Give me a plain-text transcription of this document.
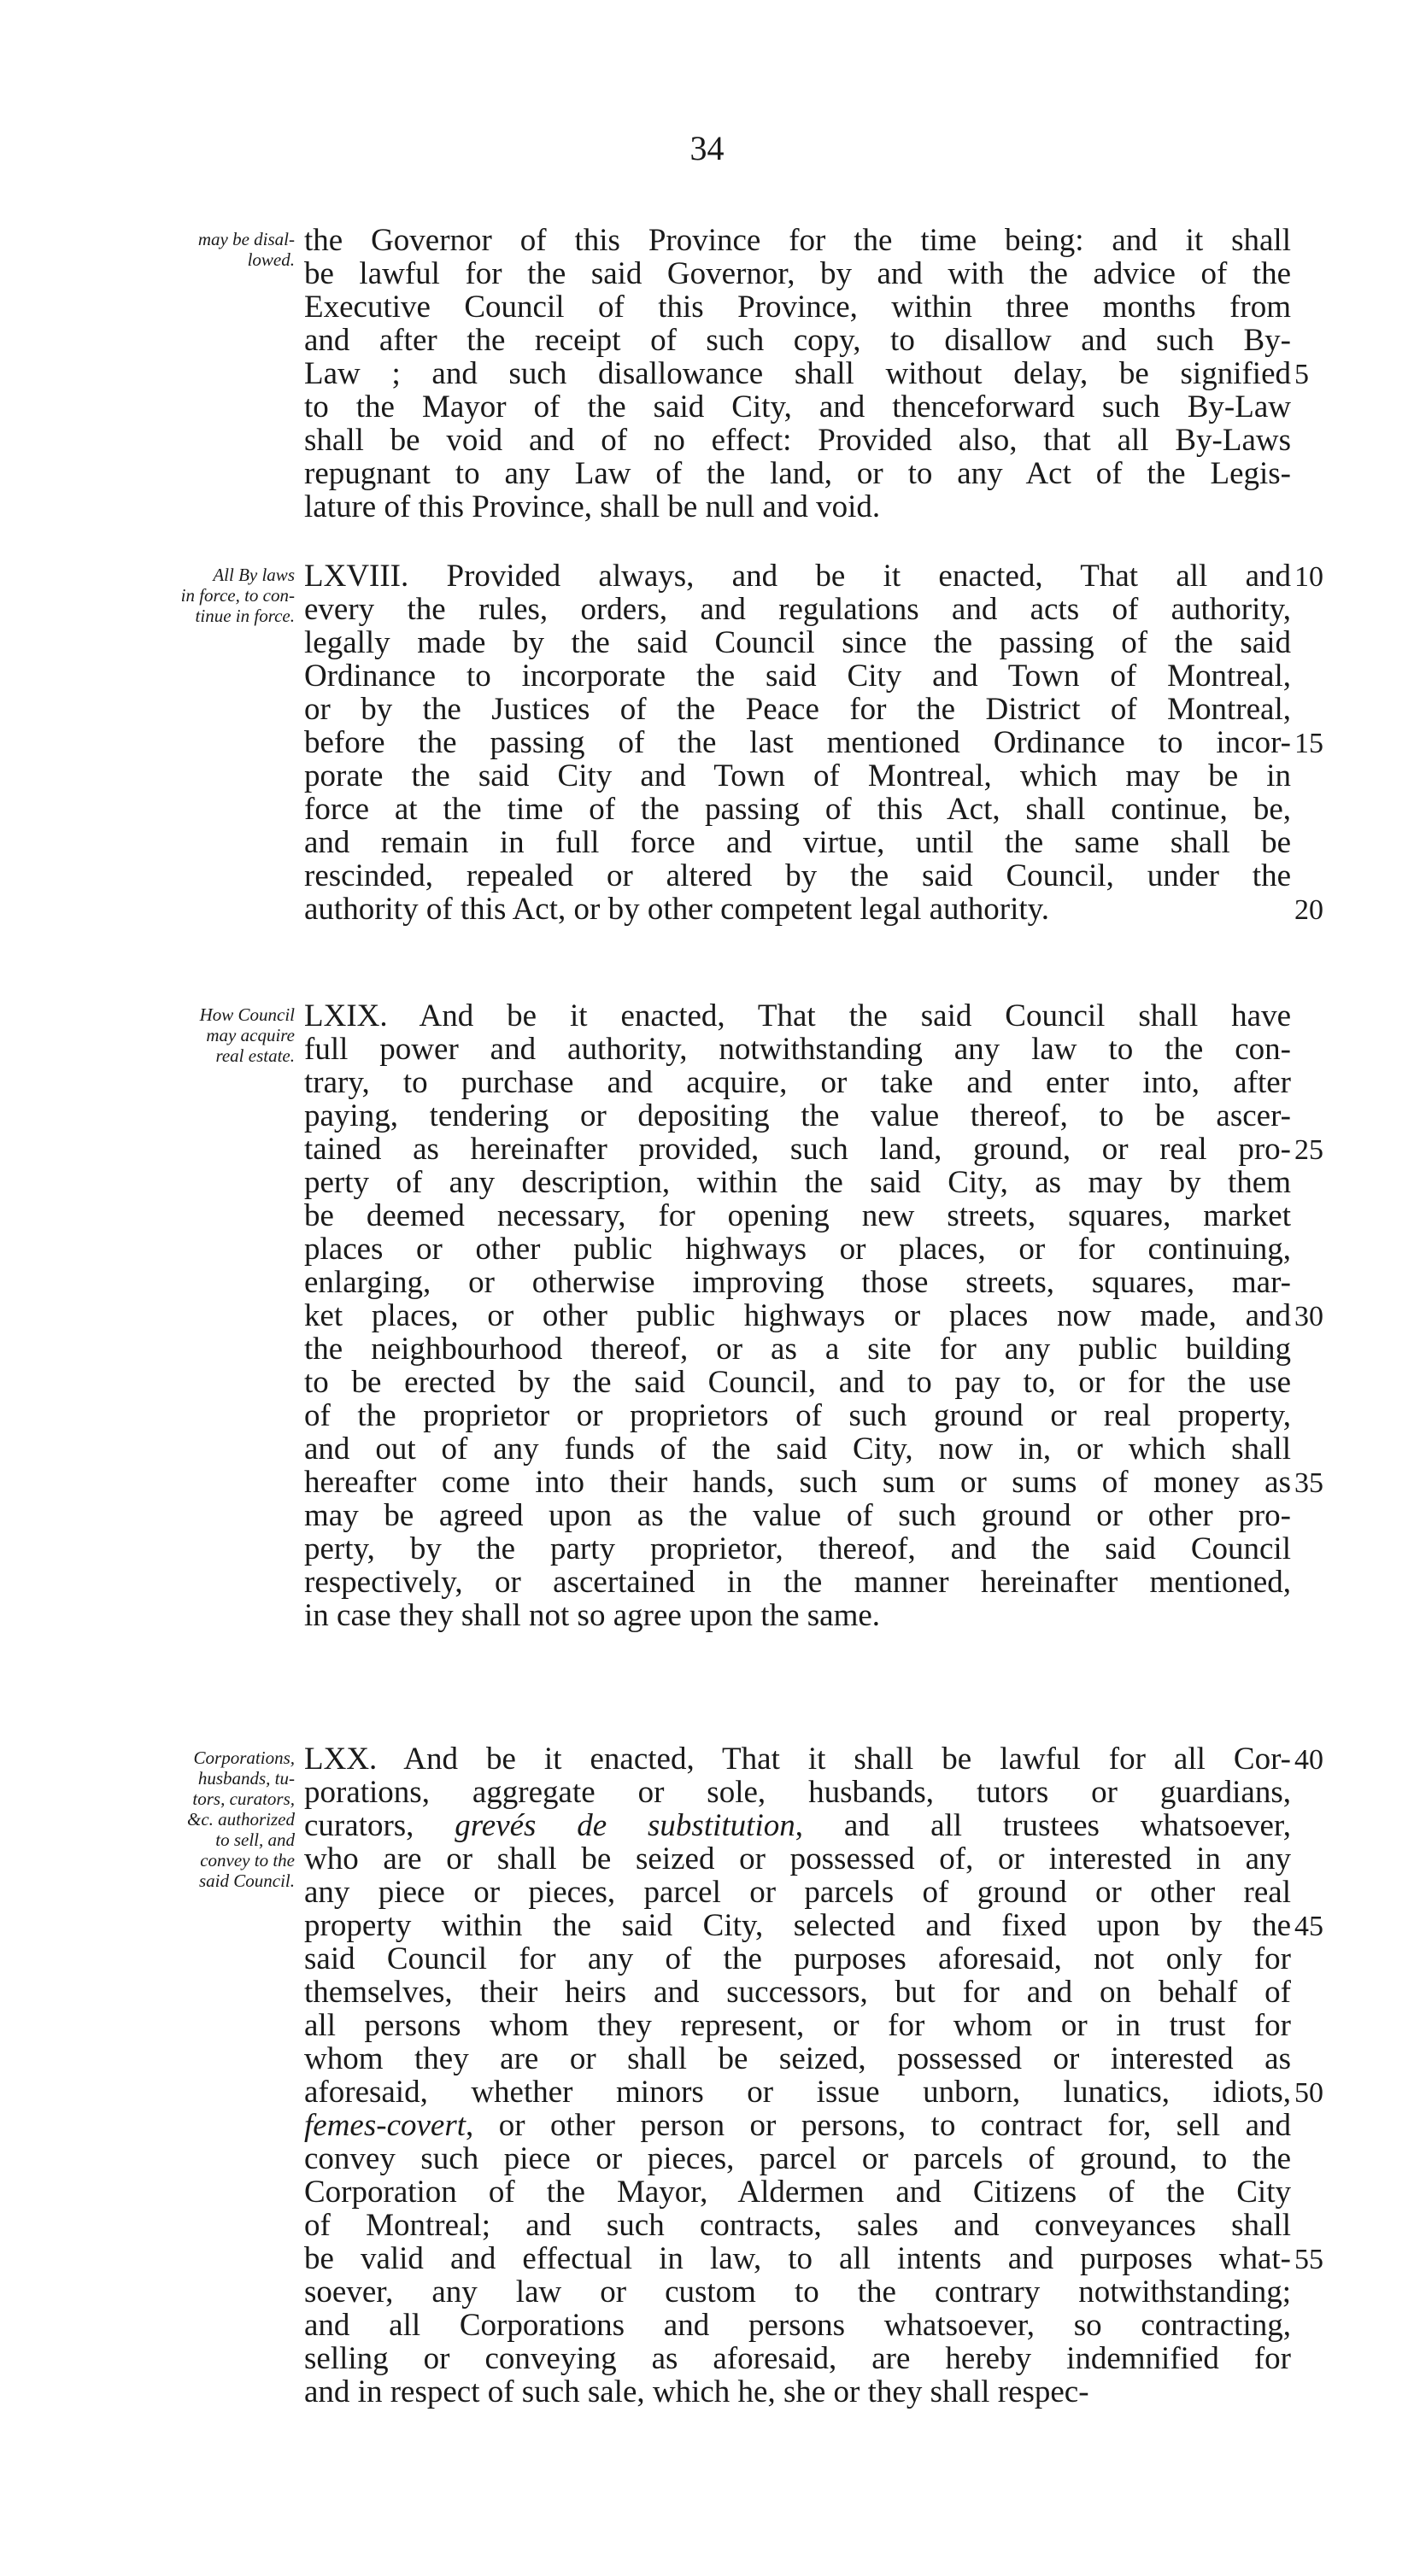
34
may be disal-
lowed.
the Governor of this Province for the time being: and it shall
be lawful for the said Governor, by and with the advice of the
Executive Council of this Province, within three months from
and after the receipt of such copy, to disallow and such By-
Law ; and such disallowance shall without delay, be signified
to the Mayor of the said City, and thenceforward such By-Law
shall be void and of no effect: Provided also, that all By-Laws
repugnant to any Law of the land, or to any Act of the Legis-
lature of this Province, shall be null and void.
5
All By laws
in force, to con-
tinue in force.
LXVIII. Provided always, and be it enacted, That all and
every the rules, orders, and regulations and acts of authority,
legally made by the said Council since the passing of the said
Ordinance to incorporate the said City and Town of Montreal,
or by the Justices of the Peace for the District of Montreal,
before the passing of the last mentioned Ordinance to incor-
porate the said City and Town of Montreal, which may be in
force at the time of the passing of this Act, shall continue, be,
and remain in full force and virtue, until the same shall be
rescinded, repealed or altered by the said Council, under the
authority of this Act, or by other competent legal authority.
10
15
20
How Council
may acquire
real estate.
LXIX. And be it enacted, That the said Council shall have
full power and authority, notwithstanding any law to the con-
trary, to purchase and acquire, or take and enter into, after
paying, tendering or depositing the value thereof, to be ascer-
tained as hereinafter provided, such land, ground, or real pro-
perty of any description, within the said City, as may by them
be deemed necessary, for opening new streets, squares, market
places or other public highways or places, or for continuing,
enlarging, or otherwise improving those streets, squares, mar-
ket places, or other public highways or places now made, and
the neighbourhood thereof, or as a site for any public building
to be erected by the said Council, and to pay to, or for the use
of the proprietor or proprietors of such ground or real property,
and out of any funds of the said City, now in, or which shall
hereafter come into their hands, such sum or sums of money as
may be agreed upon as the value of such ground or other pro-
perty, by the party proprietor, thereof, and the said Council
respectively, or ascertained in the manner hereinafter mentioned,
in case they shall not so agree upon the same.
25
30
35
Corporations,
husbands, tu-
tors, curators,
&c. authorized
to sell, and
convey to the
said Council.
LXX. And be it enacted, That it shall be lawful for all Cor-
porations, aggregate or sole, husbands, tutors or guardians,
curators, grevés de substitution, and all trustees whatsoever,
who are or shall be seized or possessed of, or interested in any
any piece or pieces, parcel or parcels of ground or other real
property within the said City, selected and fixed upon by the
said Council for any of the purposes aforesaid, not only for
themselves, their heirs and successors, but for and on behalf of
all persons whom they represent, or for whom or in trust for
whom they are or shall be seized, possessed or interested as
aforesaid, whether minors or issue unborn, lunatics, idiots,
femes-covert, or other person or persons, to contract for, sell and
convey such piece or pieces, parcel or parcels of ground, to the
Corporation of the Mayor, Aldermen and Citizens of the City
of Montreal; and such contracts, sales and conveyances shall
be valid and effectual in law, to all intents and purposes what-
soever, any law or custom to the contrary notwithstanding;
and all Corporations and persons whatsoever, so contracting,
selling or conveying as aforesaid, are hereby indemnified for
and in respect of such sale, which he, she or they shall respec-
40
45
50
55
